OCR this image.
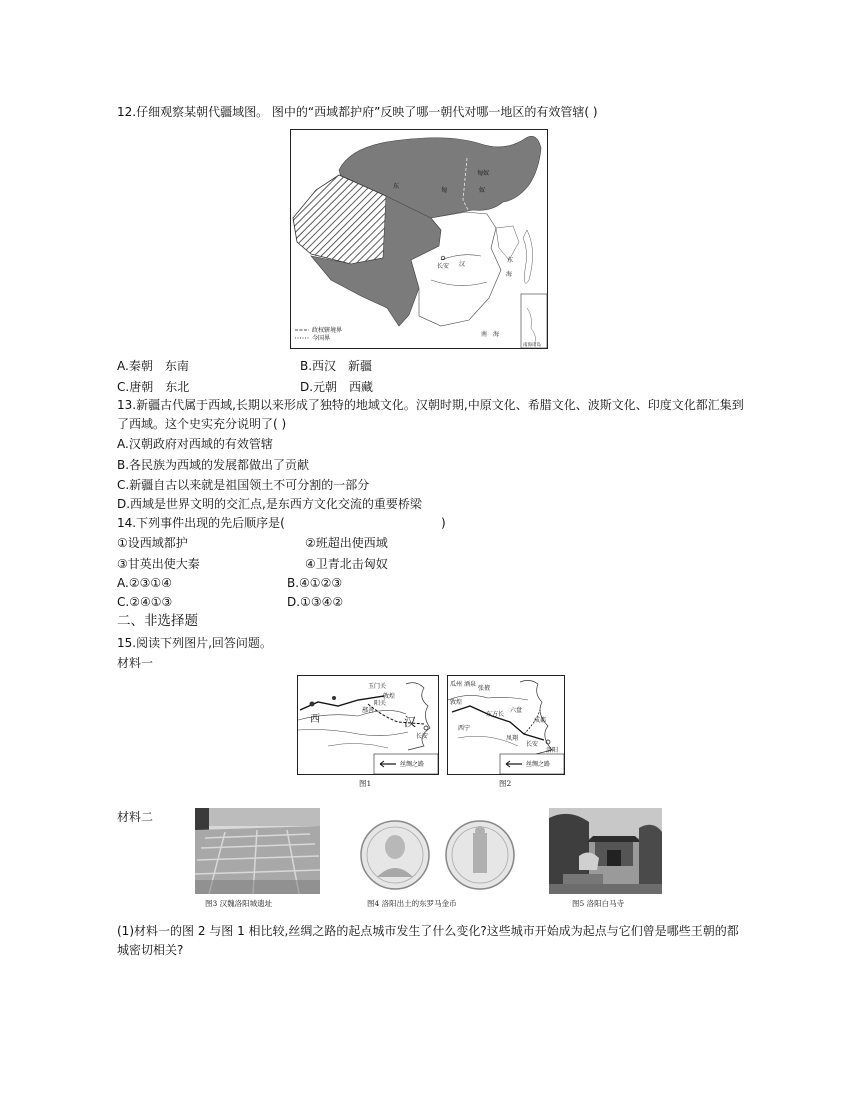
12.仔细观察某朝代疆域图。 图中的“西域都护府”反映了哪一朝代对哪一地区的有效管辖( )
政权辖境界
今国界
东
匈
匈奴
奴
长安 汉
东
海
南　海
南海诸岛
A.秦朝　东南	B.西汉　新疆
C.唐朝　东北	D.元朝　西藏
13.新疆古代属于西域,长期以来形成了独特的地域文化。汉朝时期,中原文化、希腊文化、波斯文化、印度文化都汇集到了西域。这个史实充分说明了( )
A.汉朝政府对西域的有效管辖
B.各民族为西域的发展都做出了贡献
C.新疆自古以来就是祖国领土不可分割的一部分
D.西域是世界文明的交汇点,是东西方文化交流的重要桥梁
14.下列事件出现的先后顺序是(	)
①设西域都护	②班超出使西域
③甘英出使大秦	④卫青北击匈奴
A.②③①④	B.④①②③
C.②④①③	D.①③④②
二、非选择题
15.阅读下列图片,回答问题。
材料一
玉门关
敦煌
阳关
鄯善
西	汉
长安
丝绸之路
图1
瓜州 酒泉
张掖
敦煌
东方长
西宁
六盘
凤翔
成都
洛阳
长安
丝绸之路
图2
材料二
图3 汉魏洛阳城遗址	图4 洛阳出土的东罗马金币	图5 洛阳白马寺
(1)材料一的图 2 与图 1 相比较,丝绸之路的起点城市发生了什么变化?这些城市开始成为起点与它们曾是哪些王朝的都城密切相关?
